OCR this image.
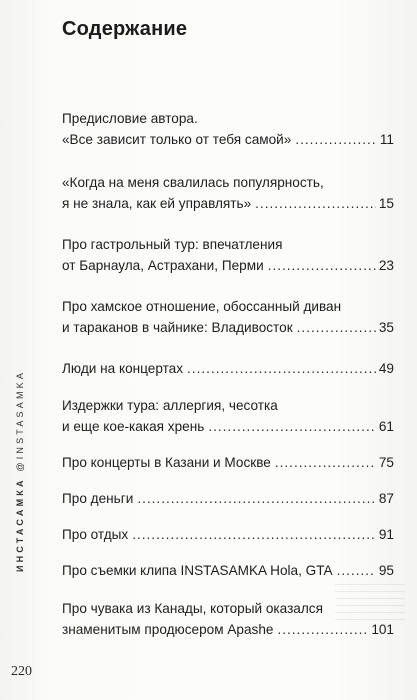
Содержание
Предисловие автора.
«Все зависит только от тебя самой» .....	11
«Когда на меня свалилась популярность,
я не знала, как ей управлять» .....	15
Про гастрольный тур: впечатления
от Барнаула, Астрахани, Перми .....	23
Про хамское отношение, обоссанный диван
и тараканов в чайнике: Владивосток .....	35
Люди на концертах .....	49
Издержки тура: аллергия, чесотка
и еще кое-какая хрень .....	61
Про концерты в Казани и Москве .....	75
Про деньги .....	87
Про отдых .....	91
Про съемки клипа INSTASAMKA Hola, GTA .....	95
Про чувака из Канады, который оказался
знаменитым продюсером Apashe .....	101
ИНСТАСАМКА @INSTASAMKA
220
